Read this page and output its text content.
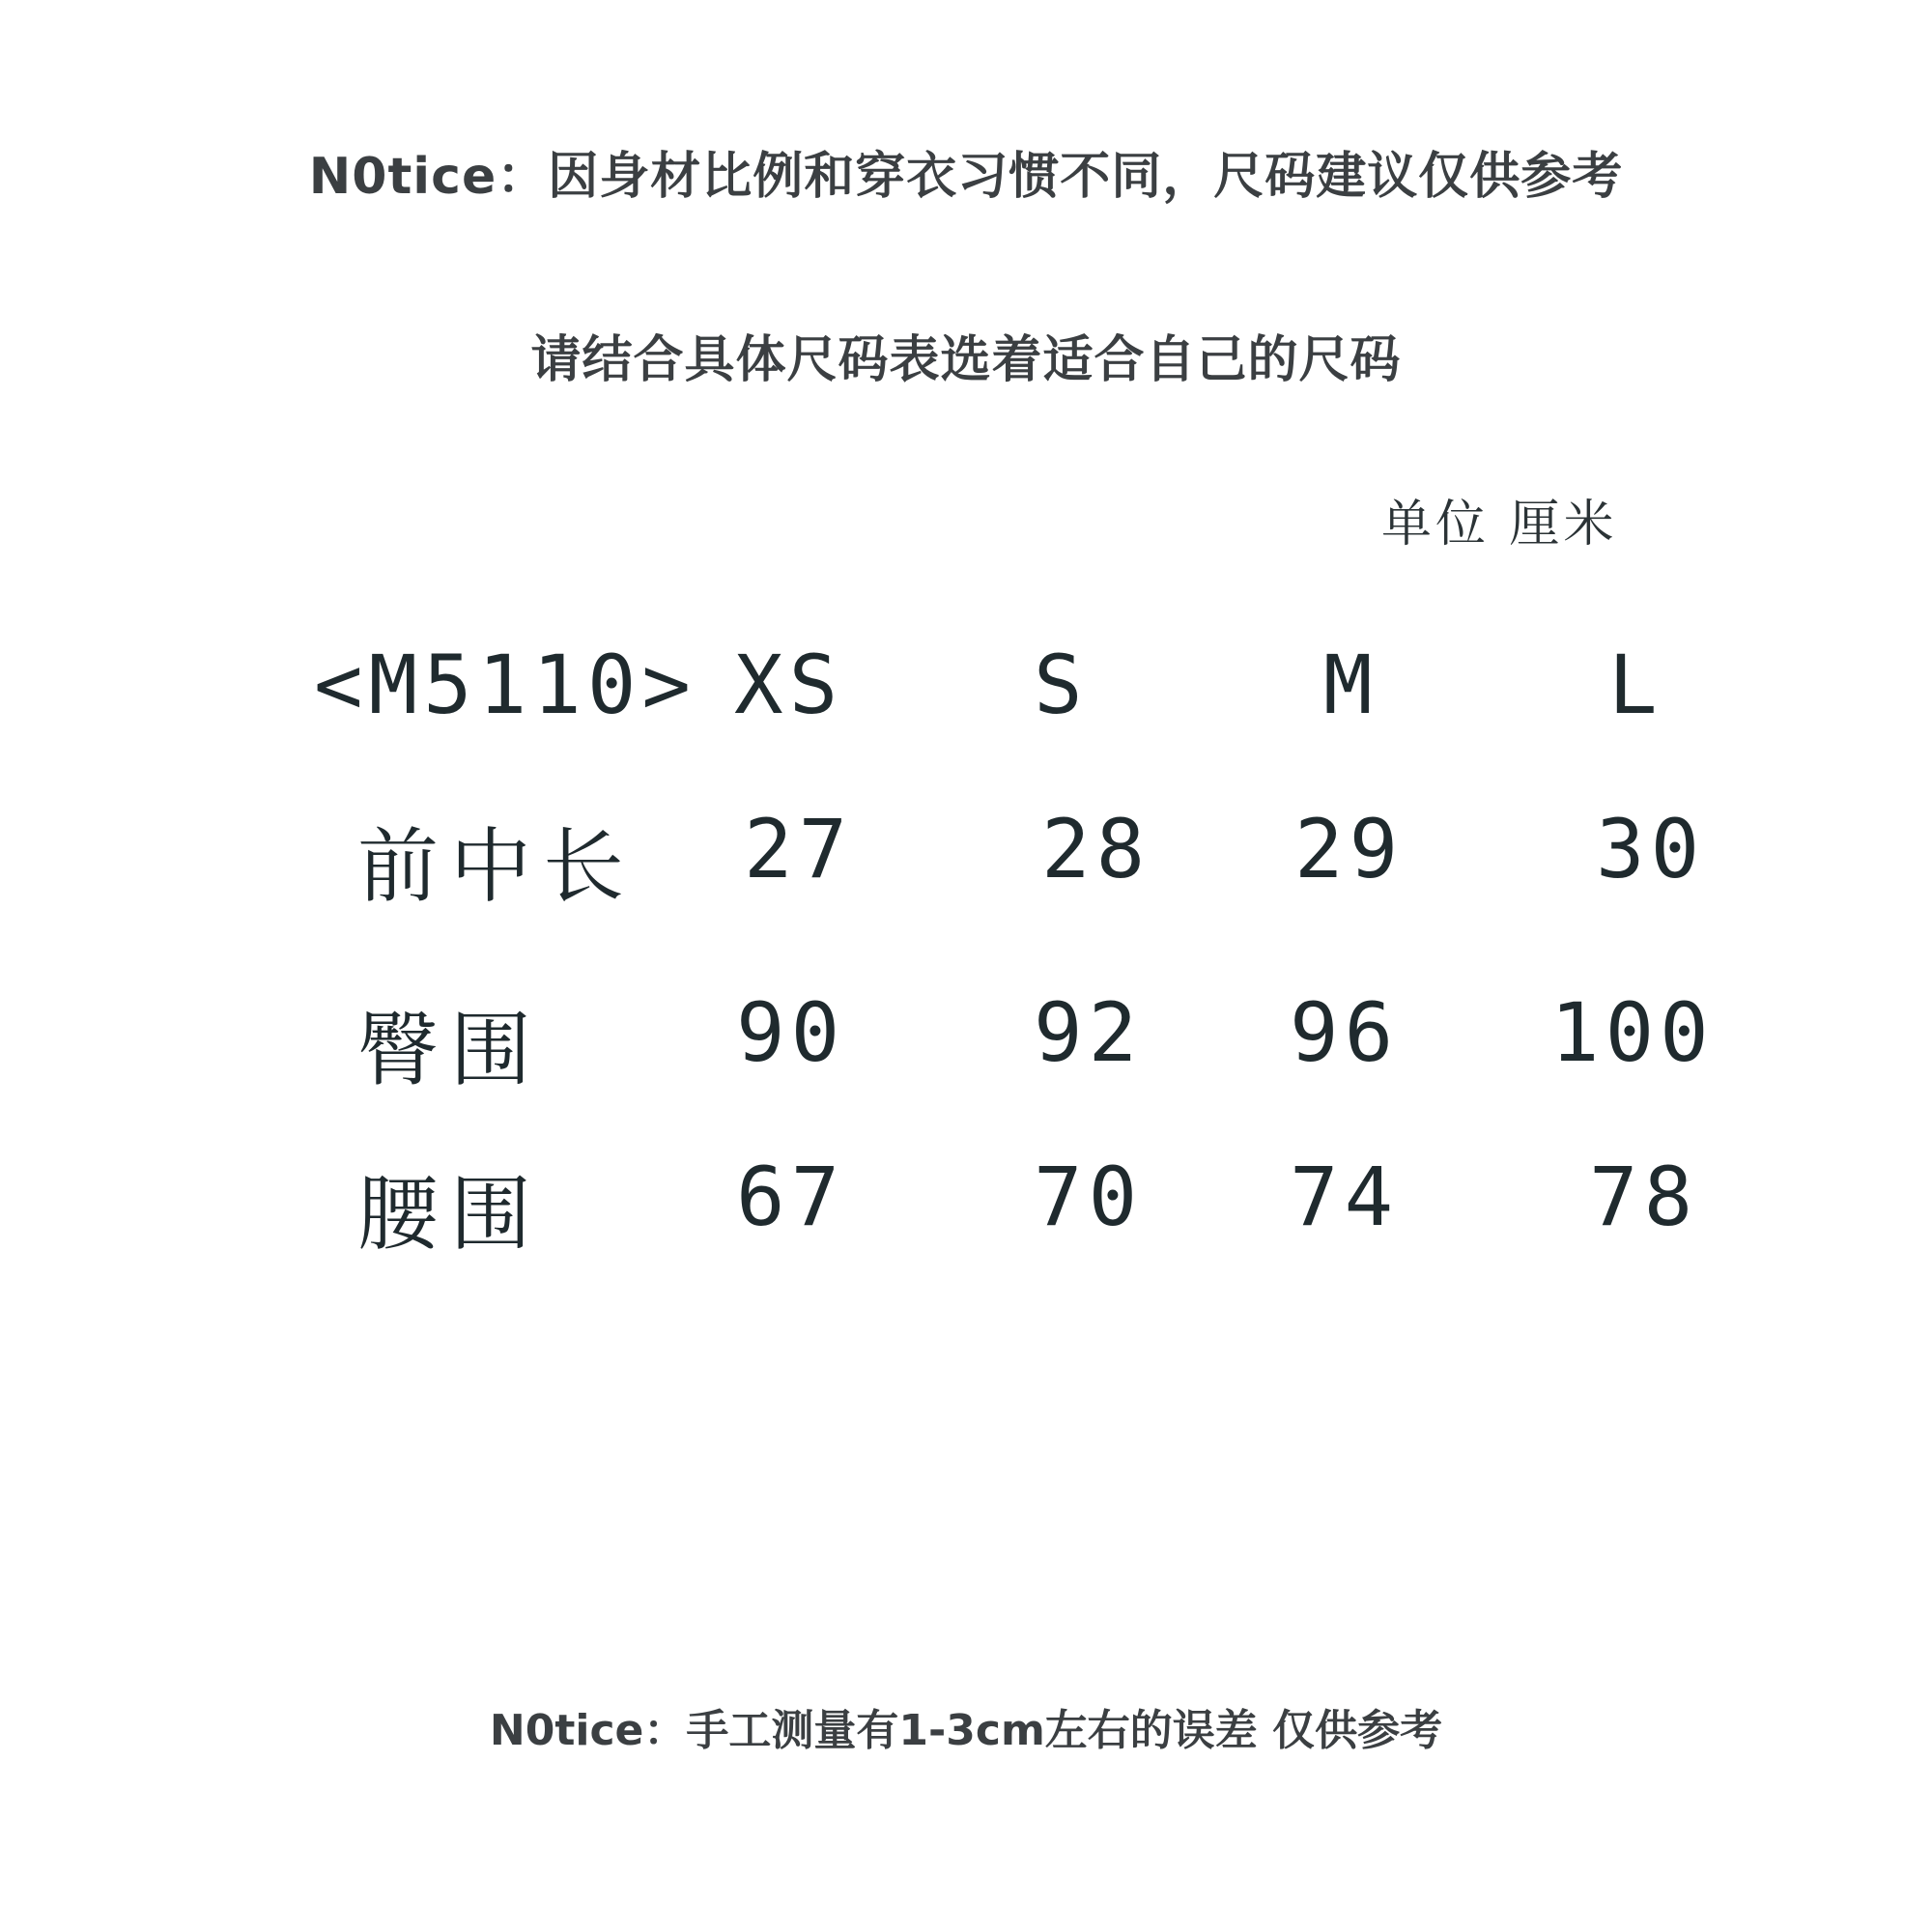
N0tice：因身材比例和穿衣习惯不同，尺码建议仅供参考
请结合具体尺码表选着适合自己的尺码
单位 厘米
<M5110> XS S	M	L
前中长 27 28 29 30
臀围 90 92 96 100
腰围 67 70 74 78
N0tice：手工测量有1-3cm左右的误差 仅供参考
